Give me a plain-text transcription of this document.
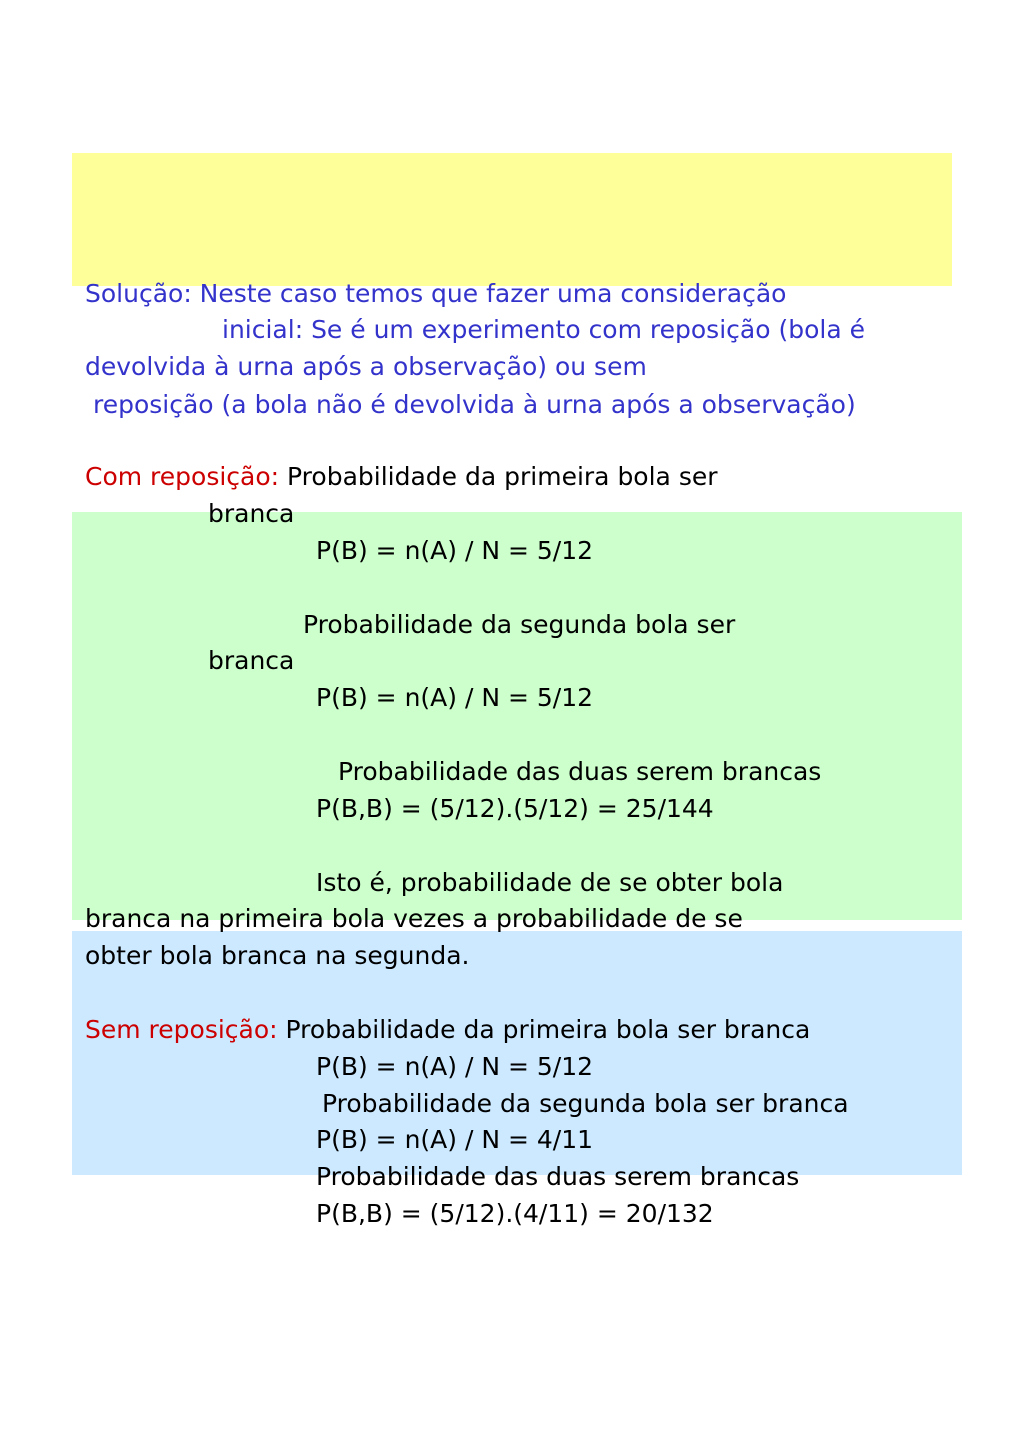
Solução: Neste caso temos que fazer uma consideração
inicial: Se é um experimento com reposição (bola é
devolvida à urna após a observação) ou sem
reposição (a bola não é devolvida à urna após a observação)
Com reposição: Probabilidade da primeira bola ser
branca
P(B) = n(A) / N = 5/12
Probabilidade da segunda bola ser
branca
P(B) = n(A) / N = 5/12
Probabilidade das duas serem brancas
P(B,B) = (5/12).(5/12) = 25/144
Isto é, probabilidade de se obter bola
branca na primeira bola vezes a probabilidade de se
obter bola branca na segunda.
Sem reposição: Probabilidade da primeira bola ser branca
P(B) = n(A) / N = 5/12
Probabilidade da segunda bola ser branca
P(B) = n(A) / N = 4/11
Probabilidade das duas serem brancas
P(B,B) = (5/12).(4/11) = 20/132
